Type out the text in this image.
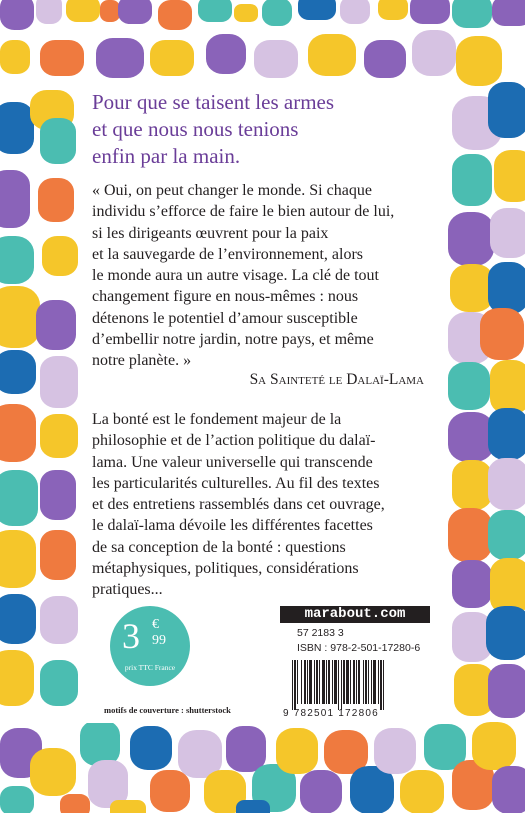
Pour que se taisent les armes
et que nous nous tenions
enfin par la main.
« Oui, on peut changer le monde. Si chaque
individu s’efforce de faire le bien autour de lui,
si les dirigeants œuvrent pour la paix
et la sauvegarde de l’environnement, alors
le monde aura un autre visage. La clé de tout
changement figure en nous-mêmes : nous
détenons le potentiel d’amour susceptible
d’embellir notre jardin, notre pays, et même
notre planète. »
Sa Sainteté le Dalaï-Lama
La bonté est le fondement majeur de la
philosophie et de l’action politique du dalaï-
lama. Une valeur universelle qui transcende
les particularités culturelles. Au fil des textes
et des entretiens rassemblés dans cet ouvrage,
le dalaï-lama dévoile les différentes facettes
de sa conception de la bonté : questions
métaphysiques, politiques, considérations
pratiques...
3 €
99
prix TTC France
motifs de couverture : shutterstock
marabout.com
57 2183 3
ISBN : 978-2-501-17280-6
9 782501 172806
